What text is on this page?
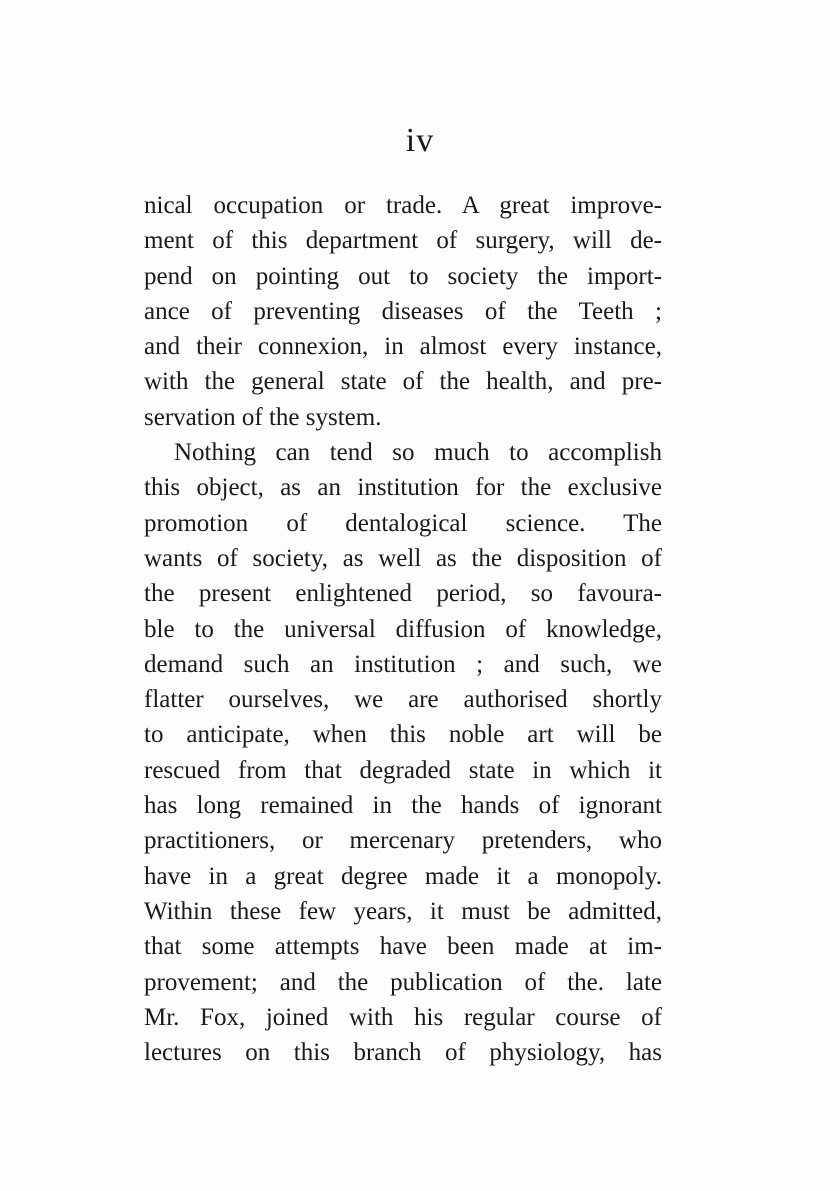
iv
nical occupation or trade. A great improve-
ment of this department of surgery, will de-
pend on pointing out to society the import-
ance of preventing diseases of the Teeth ;
and their connexion, in almost every instance,
with the general state of the health, and pre-
servation of the system.
Nothing can tend so much to accomplish
this object, as an institution for the exclusive
promotion of dentalogical science. The
wants of society, as well as the disposition of
the present enlightened period, so favoura-
ble to the universal diffusion of knowledge,
demand such an institution ; and such, we
flatter ourselves, we are authorised shortly
to anticipate, when this noble art will be
rescued from that degraded state in which it
has long remained in the hands of ignorant
practitioners, or mercenary pretenders, who
have in a great degree made it a monopoly.
Within these few years, it must be admitted,
that some attempts have been made at im-
provement; and the publication of the. late
Mr. Fox, joined with his regular course of
lectures on this branch of physiology, has
